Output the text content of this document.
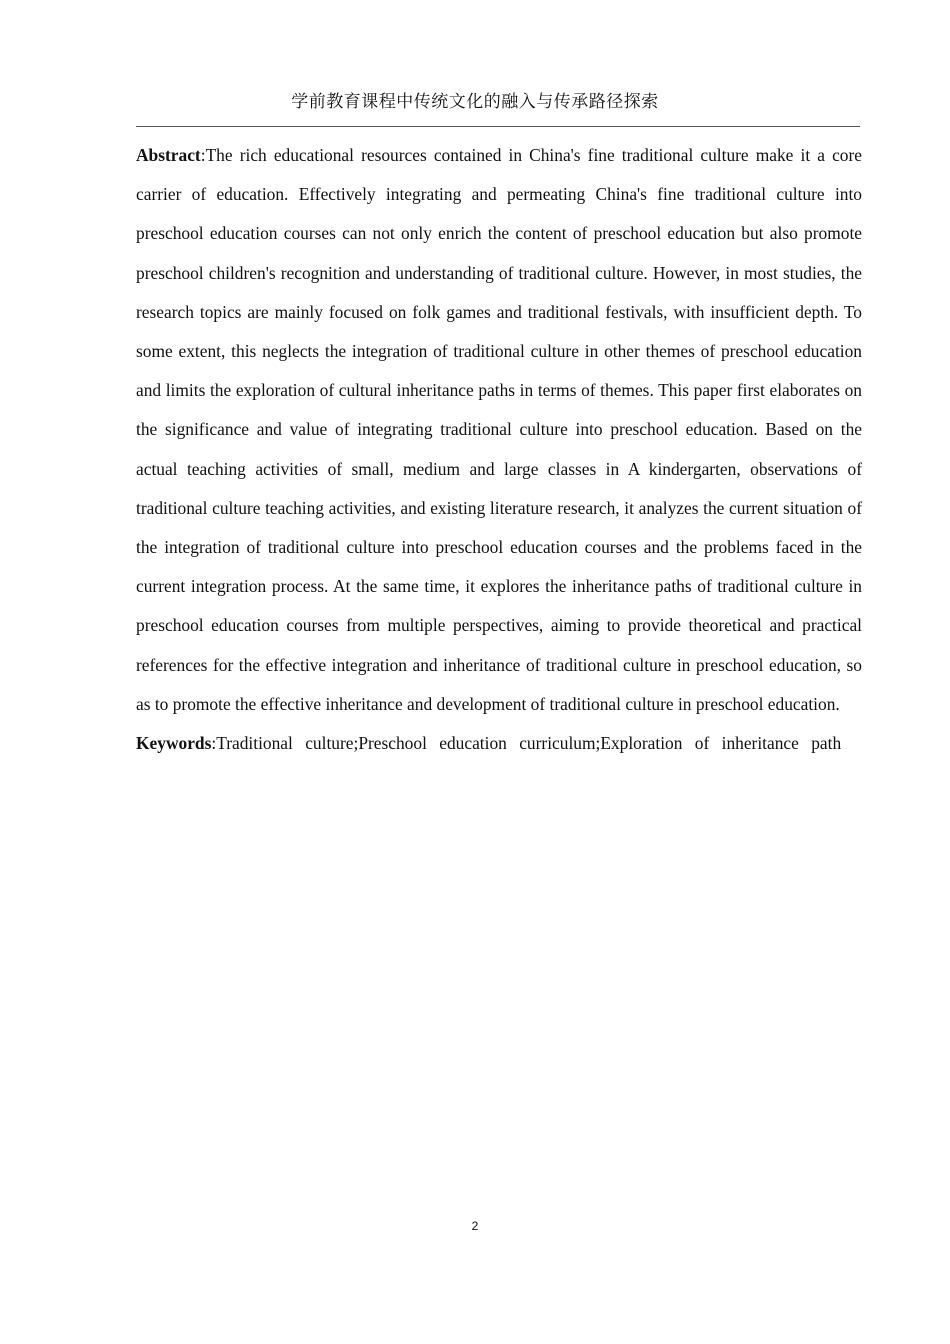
学前教育课程中传统文化的融入与传承路径探索

Abstract:The rich educational resources contained in China's fine traditional culture make it a core carrier of education. Effectively integrating and permeating China's fine traditional culture into preschool education courses can not only enrich the content of preschool education but also promote preschool children's recognition and understanding of traditional culture. However, in most studies, the research topics are mainly focused on folk games and traditional festivals, with insufficient depth. To some extent, this neglects the integration of traditional culture in other themes of preschool education and limits the exploration of cultural inheritance paths in terms of themes. This paper first elaborates on the significance and value of integrating traditional culture into preschool education. Based on the actual teaching activities of small, medium and large classes in A kindergarten, observations of traditional culture teaching activities, and existing literature research, it analyzes the current situation of the integration of traditional culture into preschool education courses and the problems faced in the current integration process. At the same time, it explores the inheritance paths of traditional culture in preschool education courses from multiple perspectives, aiming to provide theoretical and practical references for the effective integration and inheritance of traditional culture in preschool education, so as to promote the effective inheritance and development of traditional culture in preschool education.

Keywords:Traditional culture;Preschool education curriculum;Exploration of inheritance path

2
